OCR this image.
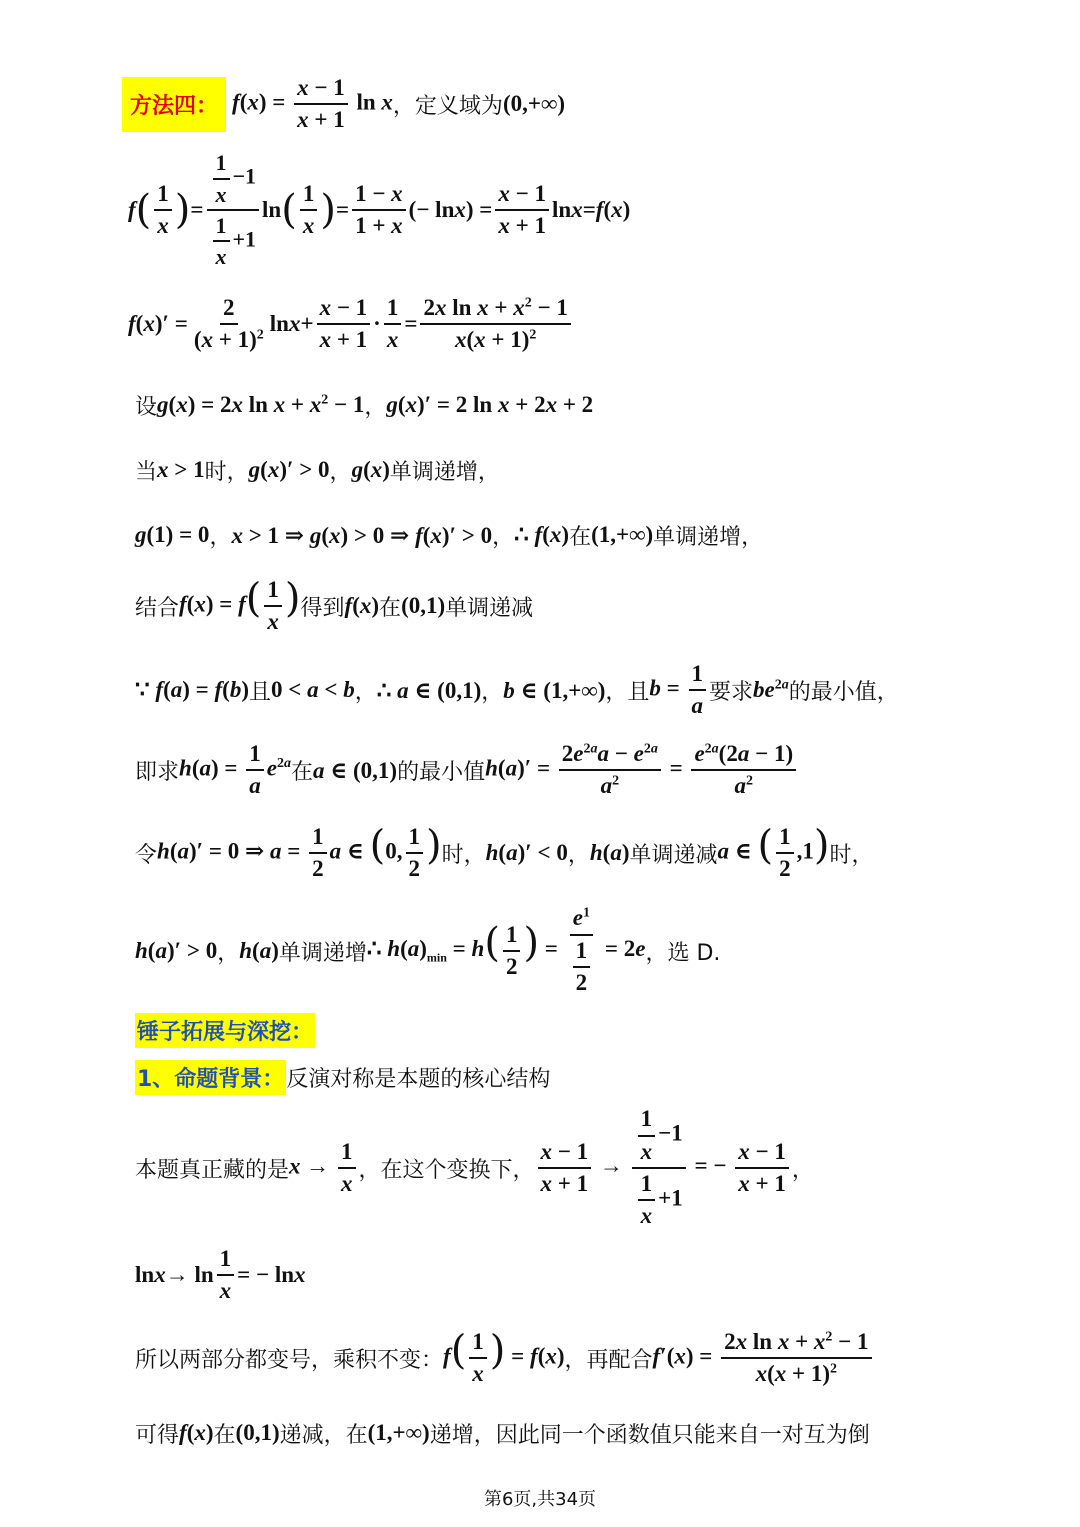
方法四： $f(x) = \frac{x - 1}{x + 1}$ ln x ，定义域为 (0,+∞)
f ( $\frac{1}{x}$ ) = $\frac{\frac{1}{x} -1}{\frac{1}{x} +1}$ ln ( $\frac{1}{x}$ ) = $\frac{1 - x}{1 + x}$ (− ln x ) = $\frac{x - 1}{x + 1}$ ln x = f ( x )
f ( x )′ = $\frac{2}{(x + 1)^2}$ $\ln x + \frac{x - 1}{x + 1} \cdot \frac{1}{x} = \frac{2x \ln x + x^2 - 1}{x(x + 1)^2}$
设 g(x) = 2x $\ln x + x^2 - 1$ ， g(x)′ = 2 ln x + 2x + 2
当 x > 1 时， g(x)′ > 0 ， g(x) 单调递增，
g(1) = 0 ， x > 1 ⇒ g(x) > 0 ⇒ f(x)′ > 0 ， ∴ f(x) 在 (1,+∞) 单调递增，
结合 $f(x) = f( \frac{1}{x}$ ) 得到 f(x) 在 (0,1) 单调递减
∵ f(a) = f(b) 且 0 < a < b ， ∴ a ∈ (0,1) ， b ∈ (1,+∞) ，且 $b = \frac{1}{a}$ 要求 $be^{2a}$ 的最小值，
即求 $h(a) = \frac{1}{a} e^{2a}$ 在 a ∈ (0,1) 的最小值 $h(a)' = \frac{2e^{2a}a - e^{2a}}{a^2} = \frac{e^{2a}(2a - 1)}{a^2}$
令 h(a)′ = 0 ⇒ $a = \frac{1}{2}$ a ∈ (0, $\frac{1}{2}$ ) 时， h(a)′ < 0 ， h(a) 单调递减 a ∈ ( $\frac{1}{2} ,1$) 时，
h(a)′ > 0 ， h(a) 单调递增 ∴ $h(a)_{min} = h( \frac{1}{2}$ ) = $\frac{e^1}{\frac{1}{2}} = 2e$ ，选 D.
锤子拓展与深挖：
1、命题背景： 反演对称是本题的核心结构
本题真正藏的是 $x \to \frac{1}{x}$ ，在这个变换下， $\frac{x - 1}{x + 1} \to \frac{\frac{1}{x} -1}{\frac{1}{x} +1}$ = − $\frac{x - 1}{x + 1}$ ，
$\ln x \to \ln \frac{1}{x}$ = − ln x
所以两部分都变号，乘积不变： $f( \frac{1}{x}$ ) = f(x) ，再配合 $f'(x) = \frac{2x \ln x + x^2 - 1}{x(x + 1)^2}$
可得 f(x) 在 (0,1) 递减，在 (1,+∞) 递增，因此同一个函数值只能来自一对互为倒
第6页,共34页
